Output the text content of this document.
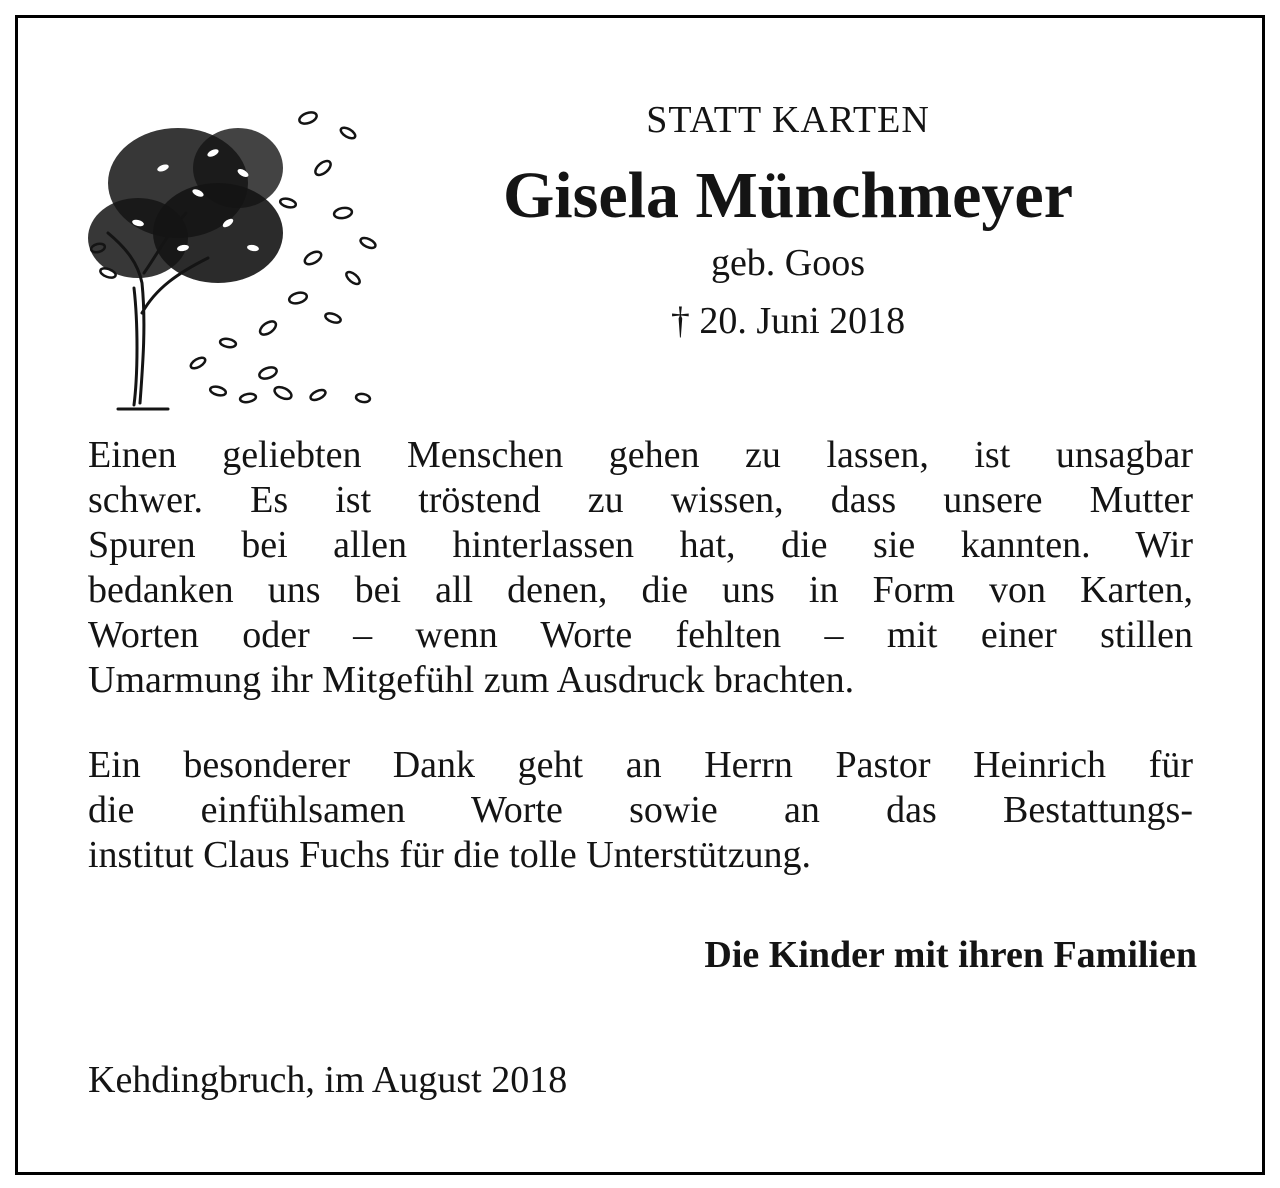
STATT KARTEN
Gisela Münchmeyer
geb. Goos
† 20. Juni 2018
Einen geliebten Menschen gehen zu lassen, ist unsagbar
schwer. Es ist tröstend zu wissen, dass unsere Mutter
Spuren bei allen hinterlassen hat, die sie kannten. Wir
bedanken uns bei all denen, die uns in Form von Karten,
Worten oder – wenn Worte fehlten – mit einer stillen
Umarmung ihr Mitgefühl zum Ausdruck brachten.
Ein besonderer Dank geht an Herrn Pastor Heinrich für
die einfühlsamen Worte sowie an das Bestattungs-
institut Claus Fuchs für die tolle Unterstützung.
Die Kinder mit ihren Familien
Kehdingbruch, im August 2018
